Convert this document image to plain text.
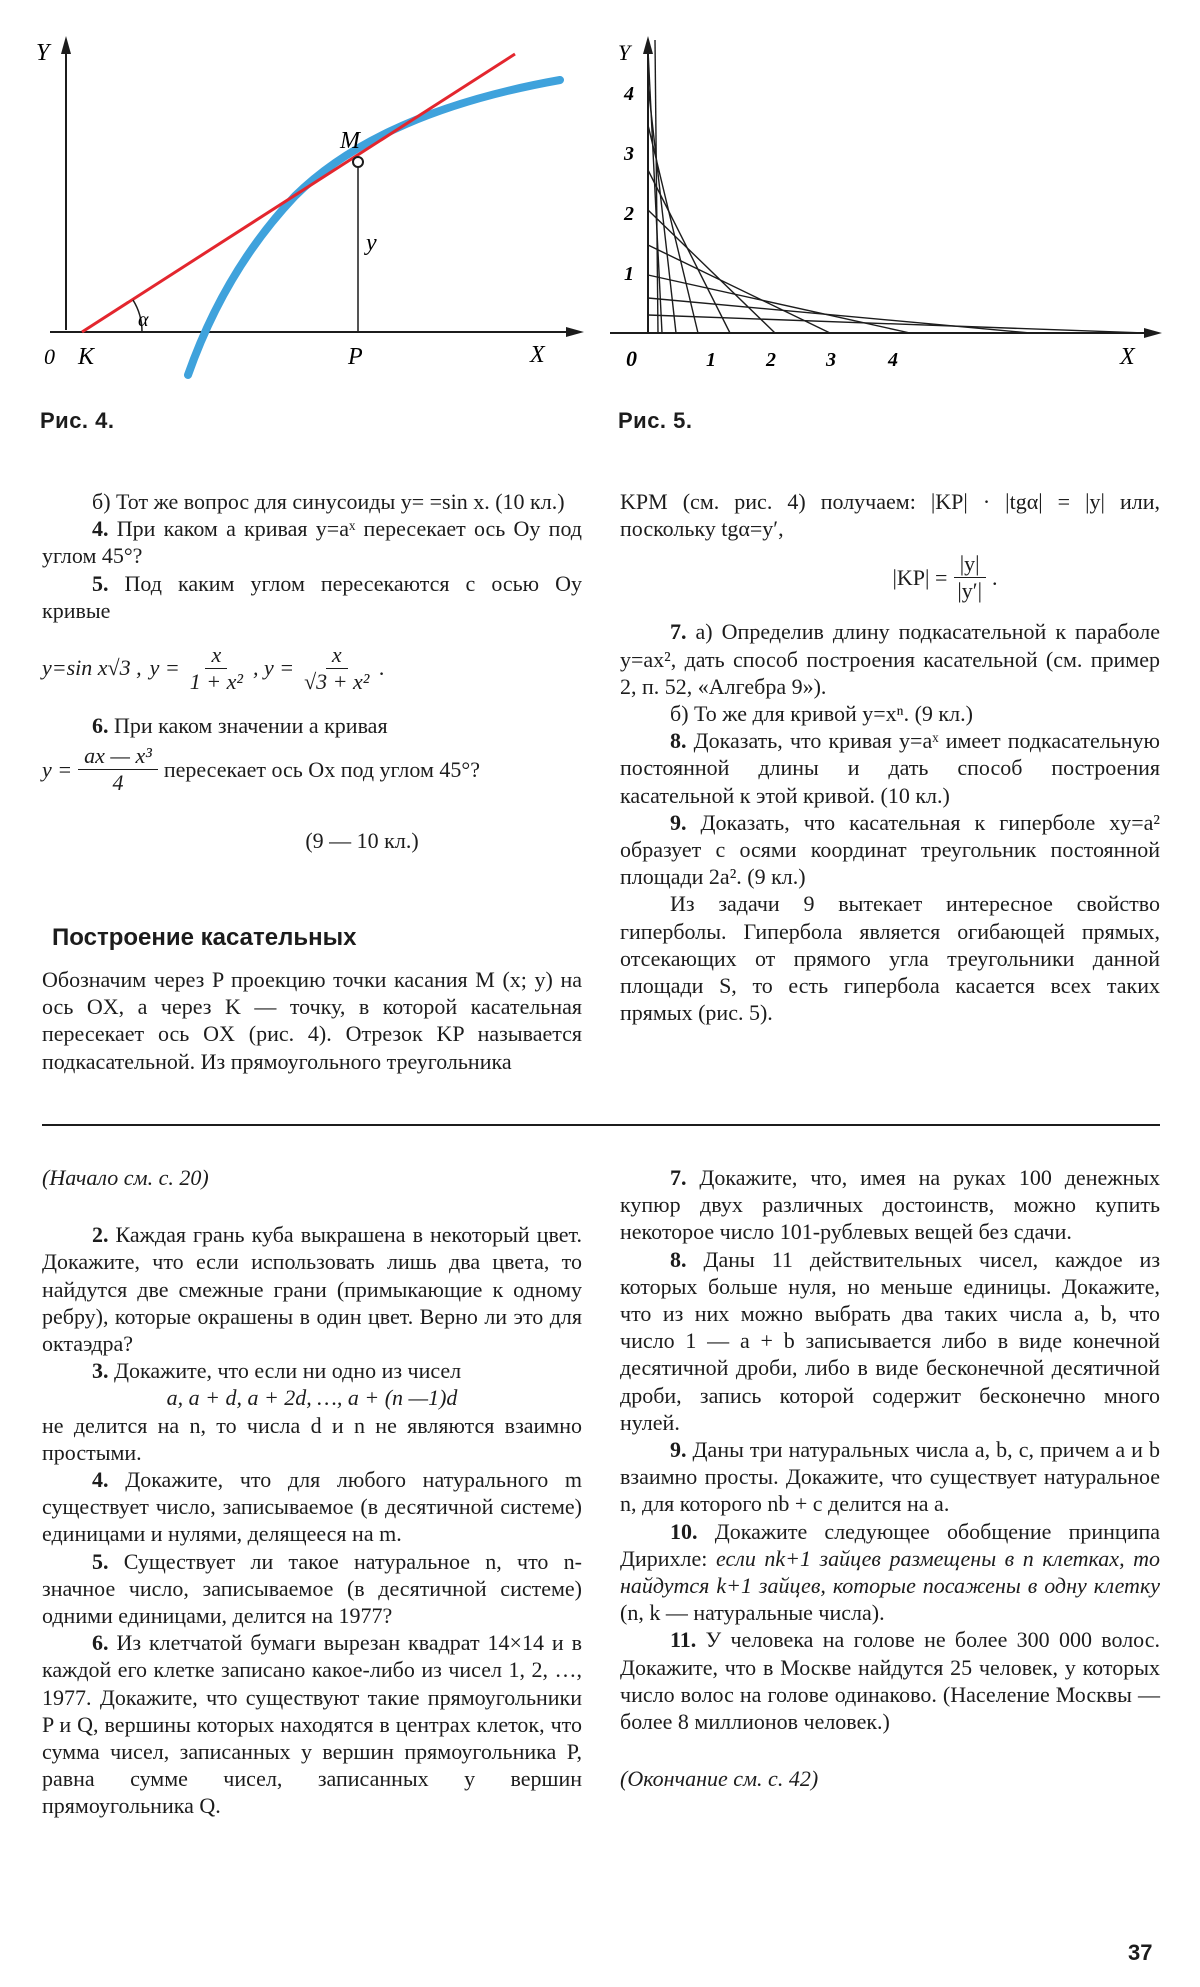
Y
X
0 K	P
M
y
α
Рис. 4.
Y
X
0
1
2
3
4
1	2	3	4
Рис. 5.

б) Тот же вопрос для синусоиды y= =sin x. (10 кл.)

4. При каком a кривая y=aˣ пересекает ось Oy под углом 45°?

5. Под каким углом пересекаются с осью Oy кривые

y=sin x√3 , $y = \frac{x}{\text{1 + x²}}$ , $y = \frac{x}{\text{√3 + x²}}$ .

6. При каком значении a кривая

$y = \frac{\text{ax — x³}}{4}$ пересекает ось Ox под углом 45°?

(9 — 10 кл.)

Построение касательных

Обозначим через P проекцию точки касания M (x; y) на ось OX, а через K — точку, в которой касательная пересекает ось OX (рис. 4). Отрезок KP называется подкасательной. Из прямоугольного треугольника

KPM (см. рис. 4) получаем: |KP| · |tgα| = |y| или, поскольку tgα=y′,

$|KP| = \frac{|y|}{|y'|}$ .

7. а) Определив длину подкасательной к параболе y=ax², дать способ построения касательной (см. пример 2, п. 52, «Алгебра 9»).

б) То же для кривой y=xⁿ. (9 кл.)

8. Доказать, что кривая y=aˣ имеет подкасательную постоянной длины и дать способ построения касательной к этой кривой. (10 кл.)

9. Доказать, что касательная к гиперболе xy=a² образует с осями координат треугольник постоянной площади 2a². (9 кл.)

Из задачи 9 вытекает интересное свойство гиперболы. Гипербола является огибающей прямых, отсекающих от прямого угла треугольники данной площади S, то есть гипербола касается всех таких прямых (рис. 5).

(Начало см. с. 20)

2. Каждая грань куба выкрашена в некоторый цвет. Докажите, что если использовать лишь два цвета, то найдутся две смежные грани (примыкающие к одному ребру), которые окрашены в один цвет. Верно ли это для октаэдра?

3. Докажите, что если ни одно из чисел

a, a + d, a + 2d, …, a + (n —1)d

не делится на n, то числа d и n не являются взаимно простыми.

4. Докажите, что для любого натурального m существует число, записываемое (в десятичной системе) единицами и нулями, делящееся на m.

5. Существует ли такое натуральное n, что n-значное число, записываемое (в десятичной системе) одними единицами, делится на 1977?

6. Из клетчатой бумаги вырезан квадрат 14×14 и в каждой его клетке записано какое-либо из чисел 1, 2, …, 1977. Докажите, что существуют такие прямоугольники P и Q, вершины которых находятся в центрах клеток, что сумма чисел, записанных у вершин прямоугольника P, равна сумме чисел, записанных у вершин прямоугольника Q.

7. Докажите, что, имея на руках 100 денежных купюр двух различных достоинств, можно купить некоторое число 101-рублевых вещей без сдачи.

8. Даны 11 действительных чисел, каждое из которых больше нуля, но меньше единицы. Докажите, что из них можно выбрать два таких числа a, b, что число 1 — a + b записывается либо в виде конечной десятичной дроби, либо в виде бесконечной десятичной дроби, запись которой содержит бесконечно много нулей.

9. Даны три натуральных числа a, b, c, причем a и b взаимно просты. Докажите, что существует натуральное n, для которого nb + c делится на a.

10. Докажите следующее обобщение принципа Дирихле: если nk+1 зайцев размещены в n клетках, то найдутся k+1 зайцев, которые посажены в одну клетку (n, k — натуральные числа).

11. У человека на голове не более 300 000 волос. Докажите, что в Москве найдутся 25 человек, у которых число волос на голове одинаково. (Население Москвы — более 8 миллионов человек.)

(Окончание см. с. 42)

37
